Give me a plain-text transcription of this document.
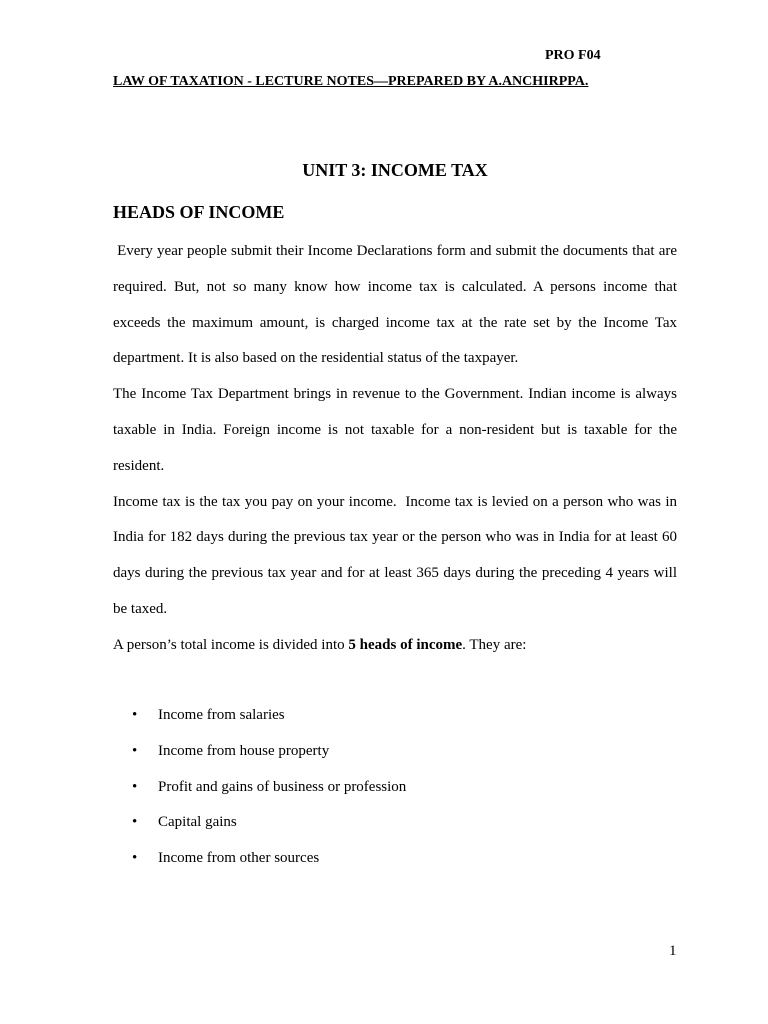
PRO F04
LAW OF TAXATION - LECTURE NOTES—PREPARED BY A.ANCHIRPPA.
UNIT 3: INCOME TAX
HEADS OF INCOME

Every year people submit their Income Declarations form and submit the documents that are required. But, not so many know how income tax is calculated. A persons income that exceeds the maximum amount, is charged income tax at the rate set by the Income Tax department. It is also based on the residential status of the taxpayer.

The Income Tax Department brings in revenue to the Government. Indian income is always taxable in India. Foreign income is not taxable for a non-resident but is taxable for the resident.

Income tax is the tax you pay on your income.  Income tax is levied on a person who was in India for 182 days during the previous tax year or the person who was in India for at least 60 days during the previous tax year and for at least 365 days during the preceding 4 years will be taxed.

A person’s total income is divided into 5 heads of income. They are:

• Income from salaries
• Income from house property
• Profit and gains of business or profession
• Capital gains
• Income from other sources
1
